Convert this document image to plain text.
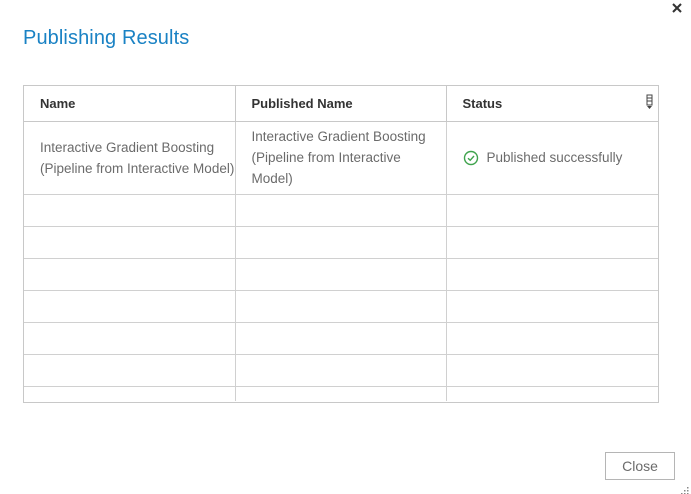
Publishing Results
Name	Published Name	Status

Interactive Gradient Boosting (Pipeline from Interactive Model)	Interactive Gradient Boosting (Pipeline from Interactive Model)	Published successfully

Close
